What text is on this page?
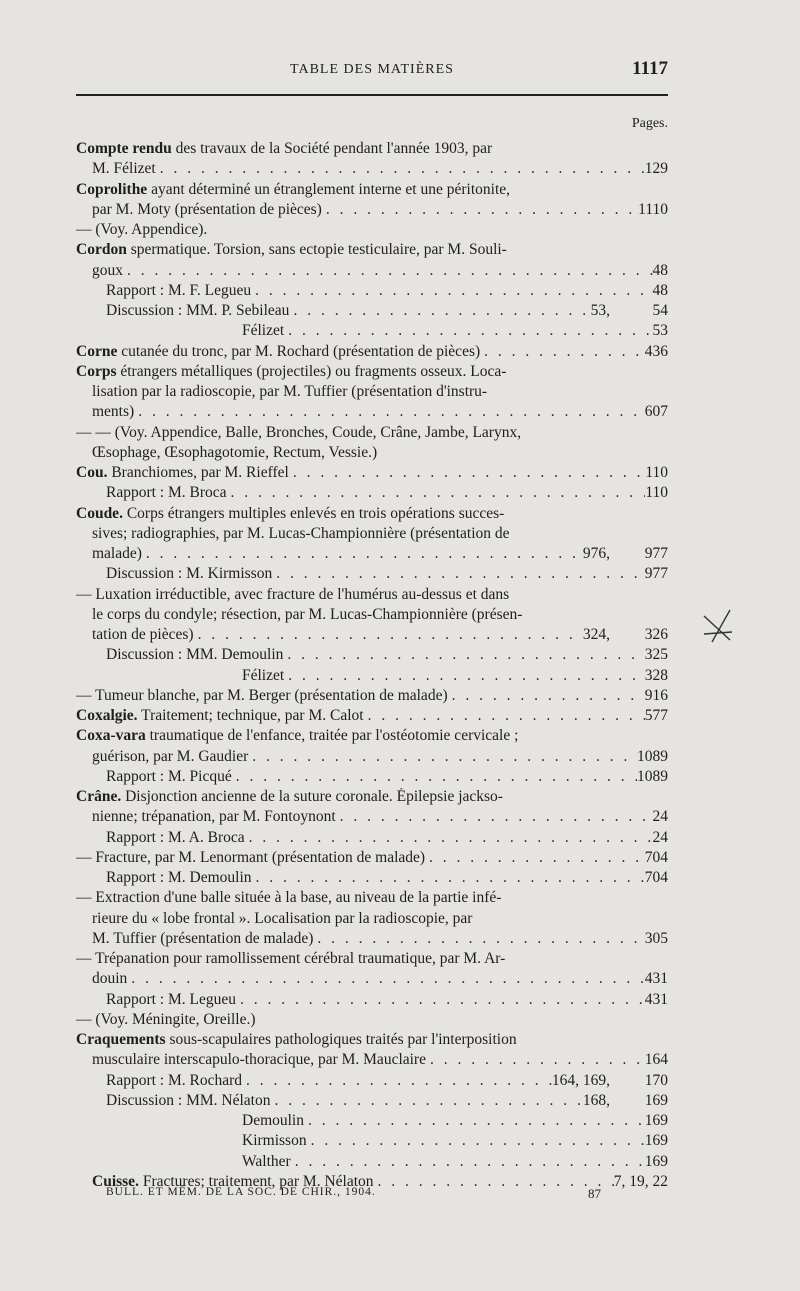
TABLE DES MATIÈRES	1117
Pages.
Compte rendu des travaux de la Société pendant l'année 1903, par
M. Félizet . . .	129
Coprolithe ayant déterminé un étranglement interne et une péritonite,
par M. Moty (présentation de pièces) . . .	1110
— (Voy. Appendice).
Cordon spermatique. Torsion, sans ectopie testiculaire, par M. Souli-
goux . . .	48
Rapport : M. F. Legueu . . .	48
Discussion : MM. P. Sebileau . . .	53,	54
Félizet . . .	53
Corne cutanée du tronc, par M. Rochard (présentation de pièces) . . .	436
Corps étrangers métalliques (projectiles) ou fragments osseux. Loca-
lisation par la radioscopie, par M. Tuffier (présentation d'instru-
ments) . . .	607
— — (Voy. Appendice, Balle, Bronches, Coude, Crâne, Jambe, Larynx,
Œsophage, Œsophagotomie, Rectum, Vessie.)
Cou. Branchiomes, par M. Rieffel . . .	110
Rapport : M. Broca . . .	110
Coude. Corps étrangers multiples enlevés en trois opérations succes-
sives; radiographies, par M. Lucas-Championnière (présentation de
malade) . . .	976,	977
Discussion : M. Kirmisson . . .	977
— Luxation irréductible, avec fracture de l'humérus au-dessus et dans
le corps du condyle; résection, par M. Lucas-Championnière (présen-
tation de pièces) . . .	324,	326
Discussion : MM. Demoulin . . .	325
Félizet . . .	328
— Tumeur blanche, par M. Berger (présentation de malade) . . .	916
Coxalgie. Traitement; technique, par M. Calot . . .	577
Coxa-vara traumatique de l'enfance, traitée par l'ostéotomie cervicale ;
guérison, par M. Gaudier . . .	1089
Rapport : M. Picqué . . .	1089
Crâne. Disjonction ancienne de la suture coronale. Épilepsie jackso-
nienne; trépanation, par M. Fontoynont . . .	24
Rapport : M. A. Broca . . .	24
— Fracture, par M. Lenormant (présentation de malade) . . .	704
Rapport : M. Demoulin . . .	704
— Extraction d'une balle située à la base, au niveau de la partie infé-
rieure du « lobe frontal ». Localisation par la radioscopie, par
M. Tuffier (présentation de malade) . . .	305
— Trépanation pour ramollissement cérébral traumatique, par M. Ar-
douin . . .	431
Rapport : M. Legueu . . .	431
— (Voy. Méningite, Oreille.)
Craquements sous-scapulaires pathologiques traités par l'interposition
musculaire interscapulo-thoracique, par M. Mauclaire . . .	164
Rapport : M. Rochard . . .	164, 169,	170
Discussion : MM. Nélaton . . .	168,	169
Demoulin . . .	169
Kirmisson . . .	169
Walther . . .	169
Cuisse. Fractures; traitement, par M. Nélaton . . .	7, 19, 22
BULL. ET MÉM. DE LA SOC. DE CHIR., 1904.	87
